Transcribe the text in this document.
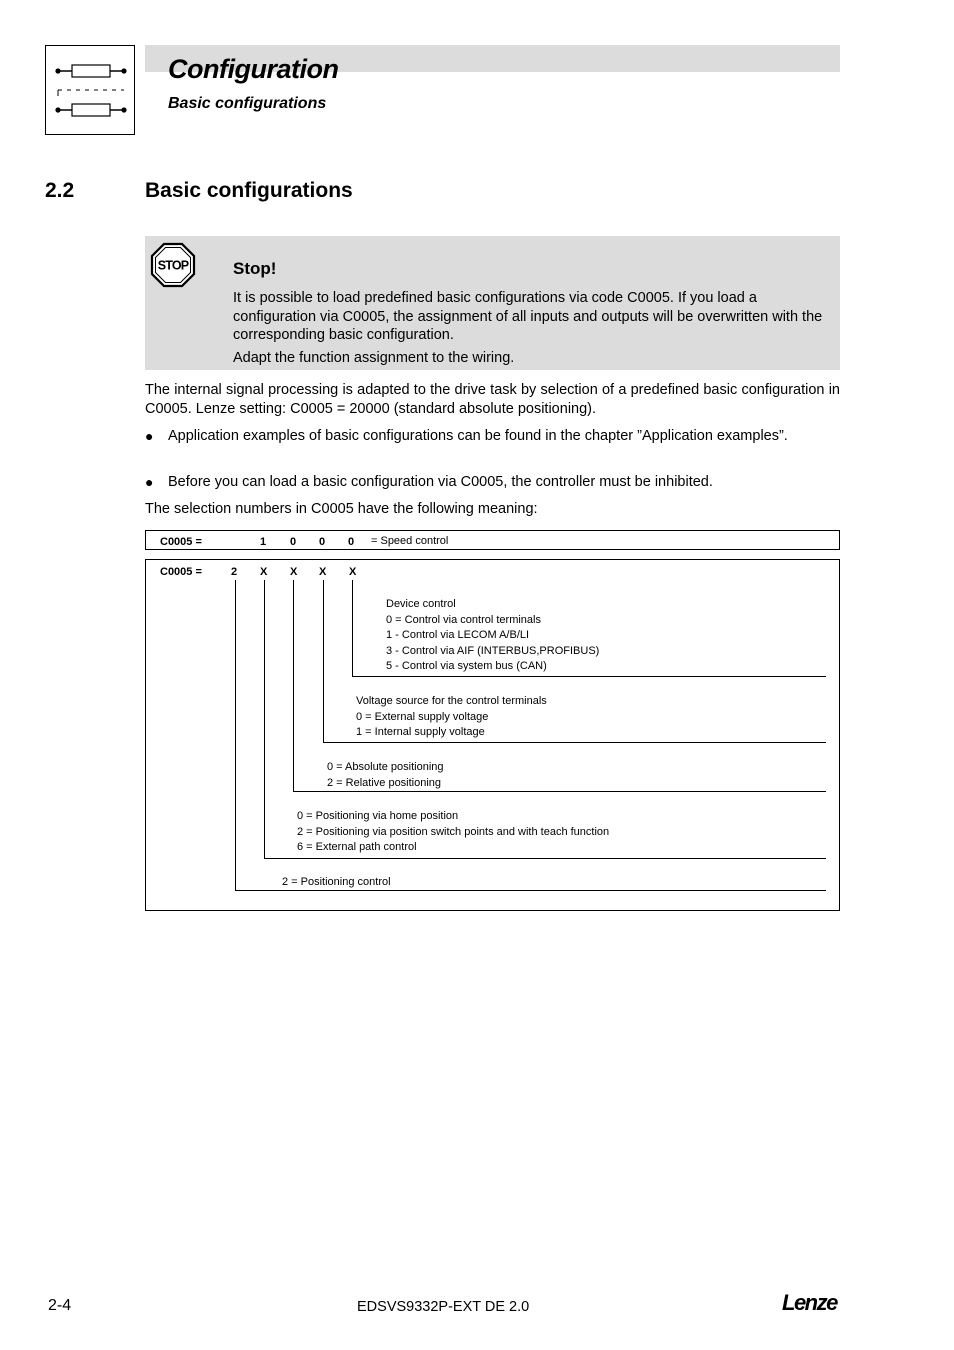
Configuration
Basic configurations
2.2	Basic configurations
STOP	Stop!
It is possible to load predefined basic configurations via code C0005. If you load a configuration via C0005, the assignment of all inputs and outputs will be overwritten with the corresponding basic configuration.
Adapt the function assignment to the wiring.
The internal signal processing is adapted to the drive task by selection of a predefined basic configuration in C0005. Lenze setting: C0005 = 20000 (standard absolute positioning).
● Application examples of basic configurations can be found in the chapter ”Application examples”.
● Before you can load a basic configuration via C0005, the controller must be inhibited.
The selection numbers in C0005 have the following meaning:
C0005 =	1 0 0 0 = Speed control
C0005 =	2 X X X X
Device control
0 = Control via control terminals
1 - Control via LECOM A/B/LI
3 - Control via AIF (INTERBUS,PROFIBUS)
5 - Control via system bus (CAN)
Voltage source for the control terminals
0 = External supply voltage
1 = Internal supply voltage
0 = Absolute positioning
2 = Relative positioning
0 = Positioning via home position
2 = Positioning via position switch points and with teach function
6 = External path control
2 = Positioning control
2-4	EDSVS9332P-EXT DE 2.0	Lenze
